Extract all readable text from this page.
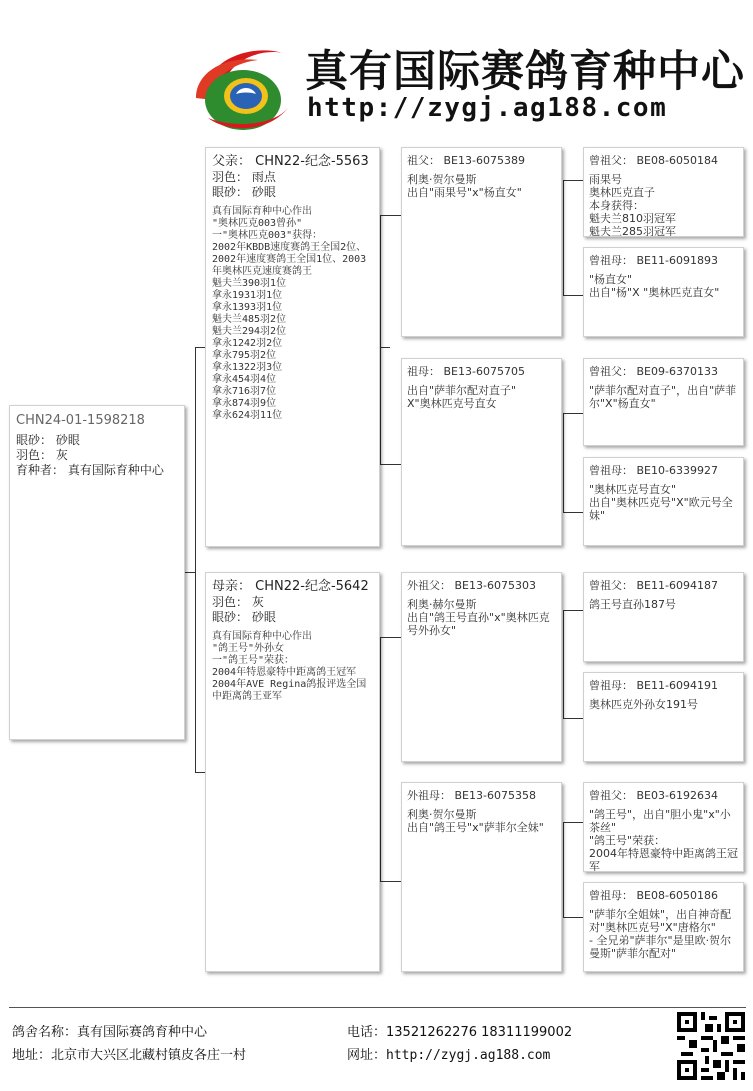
真有国际赛鸽育种中心
http://zygj.ag188.com
CHN24-01-1598218
眼砂： 砂眼
羽色： 灰
育种者： 真有国际育种中心
父亲： CHN22-纪念-5563
羽色： 雨点
眼砂： 砂眼
真有国际育种中心作出
"奥林匹克003曾孙"
一"奥林匹克003"获得：
2002年KBDB速度赛鸽王全国2位、2002年速度赛鸽王全国1位、2003年奥林匹克速度赛鸽王
魁夫兰390羽1位
拿永1931羽1位
拿永1393羽1位
魁夫兰485羽2位
魁夫兰294羽2位
拿永1242羽2位
拿永795羽2位
拿永1322羽3位
拿永454羽4位
拿永716羽7位
拿永874羽9位
拿永624羽11位
母亲： CHN22-纪念-5642
羽色： 灰
眼砂： 砂眼
真有国际育种中心作出
"鸽王号"外孙女
一"鸽王号"荣获：
2004年特恩豪特中距离鸽王冠军
2004年AVE Regina鸽报评选全国中距离鸽王亚军
祖父： BE13-6075389
利奥·贺尔曼斯
出自"雨果号"x"杨直女"
祖母： BE13-6075705
出自"萨菲尔配对直子"
X"奥林匹克号直女
外祖父： BE13-6075303
利奥·赫尔曼斯
出自"鸽王号直孙"x"奥林匹克号外孙女"
外祖母： BE13-6075358
利奥·贺尔曼斯
出自"鸽王号"x"萨菲尔全妹"
曾祖父： BE08-6050184
雨果号
奥林匹克直子
本身获得：
魁夫兰810羽冠军
魁夫兰285羽冠军
曾祖母： BE11-6091893
"杨直女"
出自"杨"X "奥林匹克直女"
曾祖父： BE09-6370133
"萨菲尔配对直子"，出自"萨菲尔"X"杨直女"
曾祖母： BE10-6339927
"奥林匹克号直女"
出自"奥林匹克号"X"欧元号全妹"
曾祖父： BE11-6094187
鸽王号直孙187号
曾祖母： BE11-6094191
奥林匹克外孙女191号
曾祖父： BE03-6192634
"鸽王号"，出自"胆小鬼"x"小茶丝"
"鸽王号"荣获：
2004年特恩豪特中距离鸽王冠军
曾祖母： BE08-6050186
"萨菲尔全姐妹"，出自神奇配对"奥林匹克号"X"唐格尔"
- 全兄弟"萨菲尔"是里欧·贺尔曼斯"萨菲尔配对"
鸽舍名称：真有国际赛鸽育种中心
地址：北京市大兴区北藏村镇皮各庄一村
电话：13521262276 18311199002
网址：http://zygj.ag188.com
